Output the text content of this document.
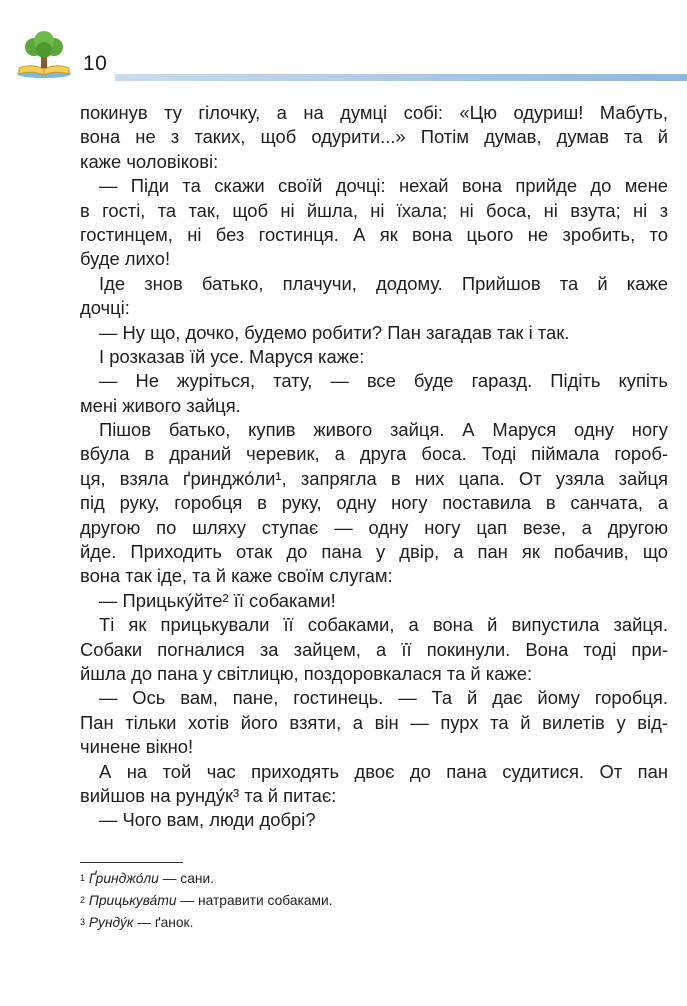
10
покинув ту гілочку, а на думці собі: «Цю одуриш! Мабуть,
вона не з таких, щоб одурити...» Потім думав, думав та й
каже чоловікові:
— Піди та скажи своїй дочці: нехай вона прийде до мене
в гості, та так, щоб ні йшла, ні їхала; ні боса, ні взута; ні з
гостинцем, ні без гостинця. А як вона цього не зробить, то
буде лихо!
Іде знов батько, плачучи, додому. Прийшов та й каже
дочці:
— Ну що, дочко, будемо робити? Пан загадав так і так.
І розказав їй усе. Маруся каже:
— Не журіться, тату, — все буде гаразд. Підіть купіть
мені живого зайця.
Пішов батько, купив живого зайця. А Маруся одну ногу
вбула в драний черевик, а друга боса. Тоді піймала гороб-
ця, взяла ґринджо́ли¹, запрягла в них цапа. От узяла зайця
під руку, горобця в руку, одну ногу поставила в санчата, а
другою по шляху ступає — одну ногу цап везе, а другою
йде. Приходить отак до пана у двір, а пан як побачив, що
вона так іде, та й каже своїм слугам:
— Прицьку́йте² її собаками!
Ті як прицькували її собаками, а вона й випустила зайця.
Собаки погналися за зайцем, а її покинули. Вона тоді при-
йшла до пана у світлицю, поздоровкалася та й каже:
— Ось вам, пане, гостинець. — Та й дає йому горобця.
Пан тільки хотів його взяти, а він — пурх та й вилетів у від-
чинене вікно!
А на той час приходять двоє до пана судитися. От пан
вийшов на рунду́к³ та й питає:
— Чого вам, люди добрі?
$^1$ Ґринджо́ли — сани.
$^2$ Прицькува́ти — натравити собаками.
$^3$ Рунду́к — ґанок.
